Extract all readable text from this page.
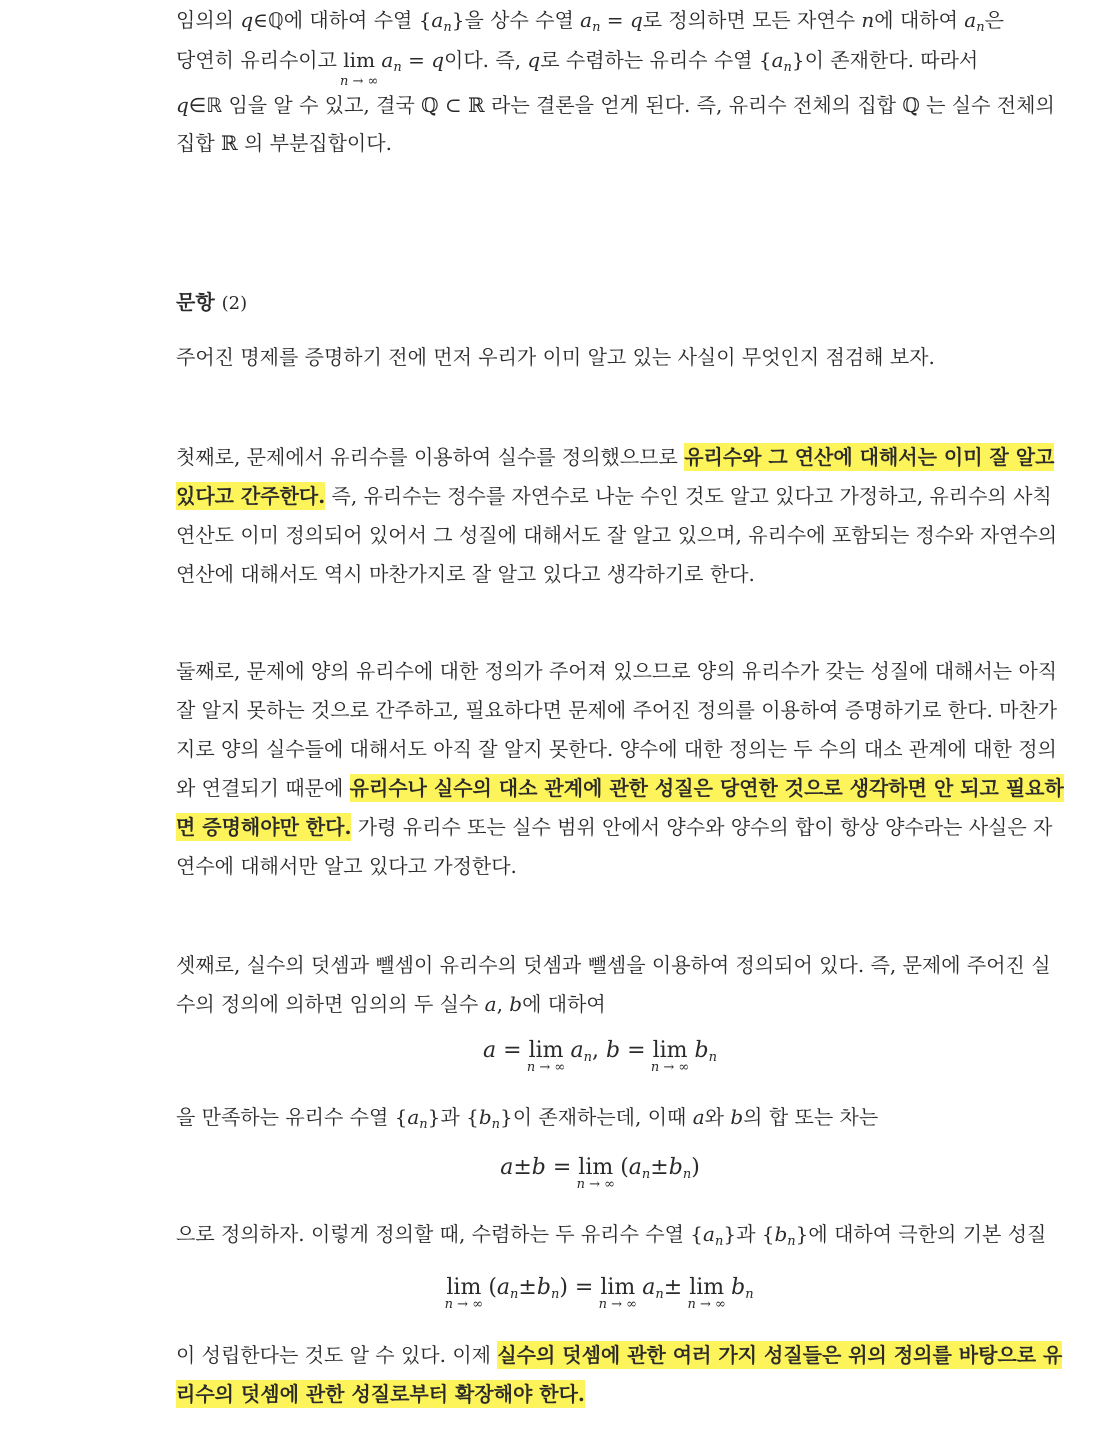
임의의 q∈ℚ에 대하여 수열 $\{a_n\}$을 상수 수열 $a_n = q$로 정의하면 모든 자연수 n에 대하여 $a_n$은
당연히 유리수이고 lim
n → ∞
$a_n = q$이다. 즉, q로 수렴하는 유리수 수열 $\{a_n\}$이 존재한다. 따라서
q∈ℝ 임을 알 수 있고, 결국 ℚ ⊂ ℝ 라는 결론을 얻게 된다. 즉, 유리수 전체의 집합 ℚ 는 실수 전체의
집합 ℝ 의 부분집합이다.
문항 (2)
주어진 명제를 증명하기 전에 먼저 우리가 이미 알고 있는 사실이 무엇인지 점검해 보자.
첫째로, 문제에서 유리수를 이용하여 실수를 정의했으므로 유리수와 그 연산에 대해서는 이미 잘 알고
있다고 간주한다. 즉, 유리수는 정수를 자연수로 나눈 수인 것도 알고 있다고 가정하고, 유리수의 사칙
연산도 이미 정의되어 있어서 그 성질에 대해서도 잘 알고 있으며, 유리수에 포함되는 정수와 자연수의
연산에 대해서도 역시 마찬가지로 잘 알고 있다고 생각하기로 한다.
둘째로, 문제에 양의 유리수에 대한 정의가 주어져 있으므로 양의 유리수가 갖는 성질에 대해서는 아직
잘 알지 못하는 것으로 간주하고, 필요하다면 문제에 주어진 정의를 이용하여 증명하기로 한다. 마찬가
지로 양의 실수들에 대해서도 아직 잘 알지 못한다. 양수에 대한 정의는 두 수의 대소 관계에 대한 정의
와 연결되기 때문에 유리수나 실수의 대소 관계에 관한 성질은 당연한 것으로 생각하면 안 되고 필요하
면 증명해야만 한다. 가령 유리수 또는 실수 범위 안에서 양수와 양수의 합이 항상 양수라는 사실은 자
연수에 대해서만 알고 있다고 가정한다.
셋째로, 실수의 덧셈과 뺄셈이 유리수의 덧셈과 뺄셈을 이용하여 정의되어 있다. 즉, 문제에 주어진 실
수의 정의에 의하면 임의의 두 실수 a, b에 대하여
a = lim
n → ∞
an, b = lim
n → ∞
bn
을 만족하는 유리수 수열 $\{a_n\}$과 $\{b_n\}$이 존재하는데, 이때 a와 b의 합 또는 차는
a±b = lim
n → ∞
(an±bn)
으로 정의하자. 이렇게 정의할 때, 수렴하는 두 유리수 수열 $\{a_n\}$과 $\{b_n\}$에 대하여 극한의 기본 성질
lim
n → ∞
(an±bn) = lim
n → ∞
an± lim
n → ∞
bn
이 성립한다는 것도 알 수 있다. 이제 실수의 덧셈에 관한 여러 가지 성질들은 위의 정의를 바탕으로 유
리수의 덧셈에 관한 성질로부터 확장해야 한다.
